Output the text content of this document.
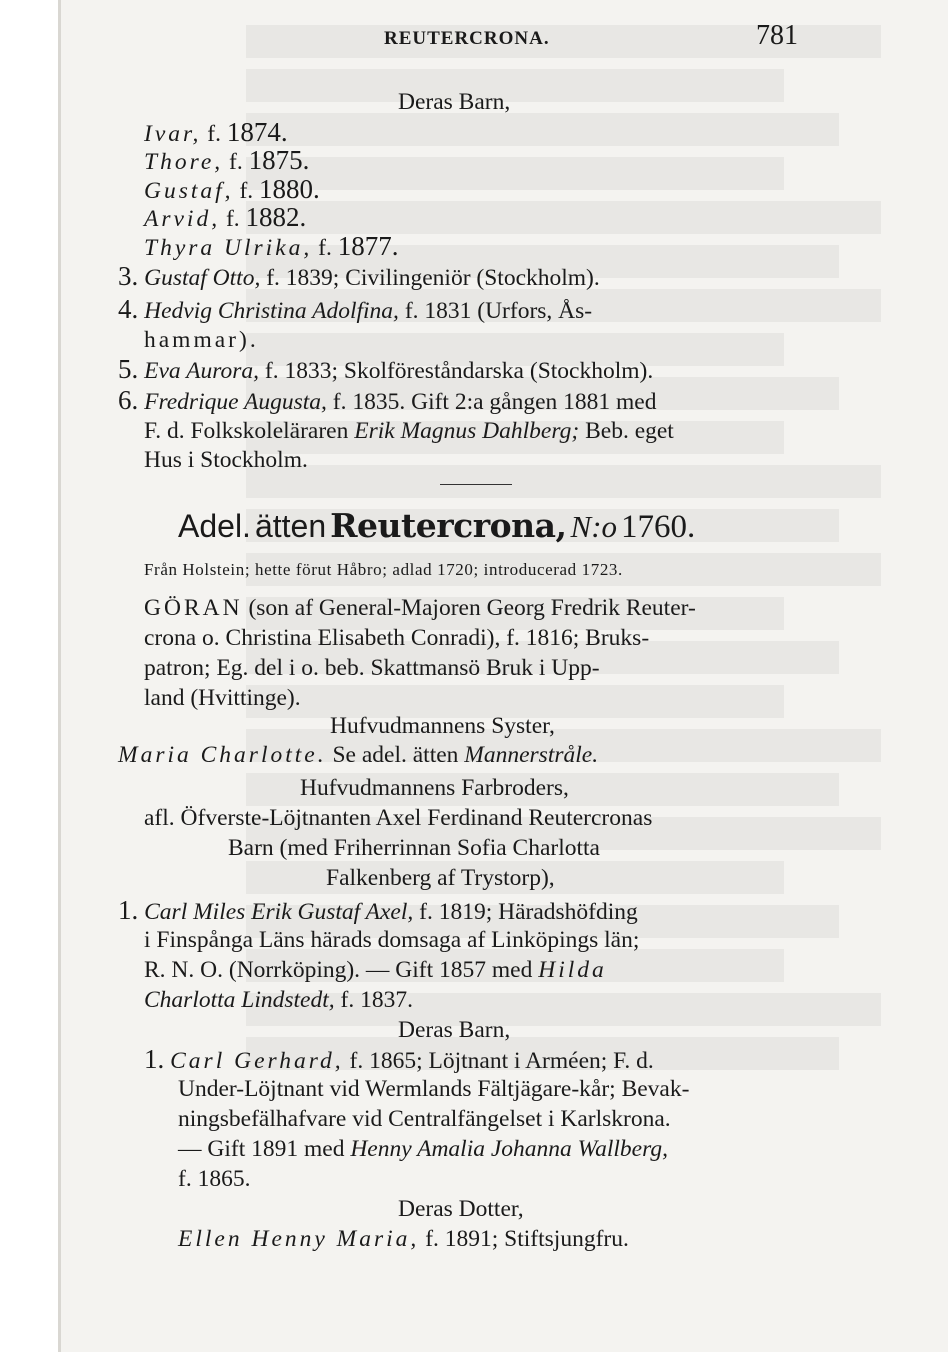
REUTERCRONA.	781
Deras Barn,
Ivar, f. 1874.
Thore, f. 1875.
Gustaf, f. 1880.
Arvid, f. 1882.
Thyra Ulrika, f. 1877.
3. Gustaf Otto, f. 1839; Civilingeniör (Stockholm).
4. Hedvig Christina Adolfina, f. 1831 (Urfors, Ås-
hammar).
5. Eva Aurora, f. 1833; Skolföreståndarska (Stockholm).
6. Fredrique Augusta, f. 1835. Gift 2:a gången 1881 med
F. d. Folkskoleläraren Erik Magnus Dahlberg; Beb. eget
Hus i Stockholm.
Adel. ätten Reutercrona, N:o 1760.
Från Holstein; hette förut Håbro; adlad 1720; introducerad 1723.
GÖRAN (son af General-Majoren Georg Fredrik Reuter-
crona o. Christina Elisabeth Conradi), f. 1816; Bruks-
patron; Eg. del i o. beb. Skattmansö Bruk i Upp-
land (Hvittinge).
Hufvudmannens Syster,
Maria Charlotte. Se adel. ätten Mannerstråle.
Hufvudmannens Farbroders,
afl. Öfverste-Löjtnanten Axel Ferdinand Reutercronas
Barn (med Friherrinnan Sofia Charlotta
Falkenberg af Trystorp),
1. Carl Miles Erik Gustaf Axel, f. 1819; Häradshöfding
i Finspånga Läns härads domsaga af Linköpings län;
R. N. O. (Norrköping). — Gift 1857 med Hilda
Charlotta Lindstedt, f. 1837.
Deras Barn,
1. Carl Gerhard, f. 1865; Löjtnant i Arméen; F. d.
Under-Löjtnant vid Wermlands Fältjägare-kår; Bevak-
ningsbefälhafvare vid Centralfängelset i Karlskrona.
— Gift 1891 med Henny Amalia Johanna Wallberg,
f. 1865.
Deras Dotter,
Ellen Henny Maria, f. 1891; Stiftsjungfru.
